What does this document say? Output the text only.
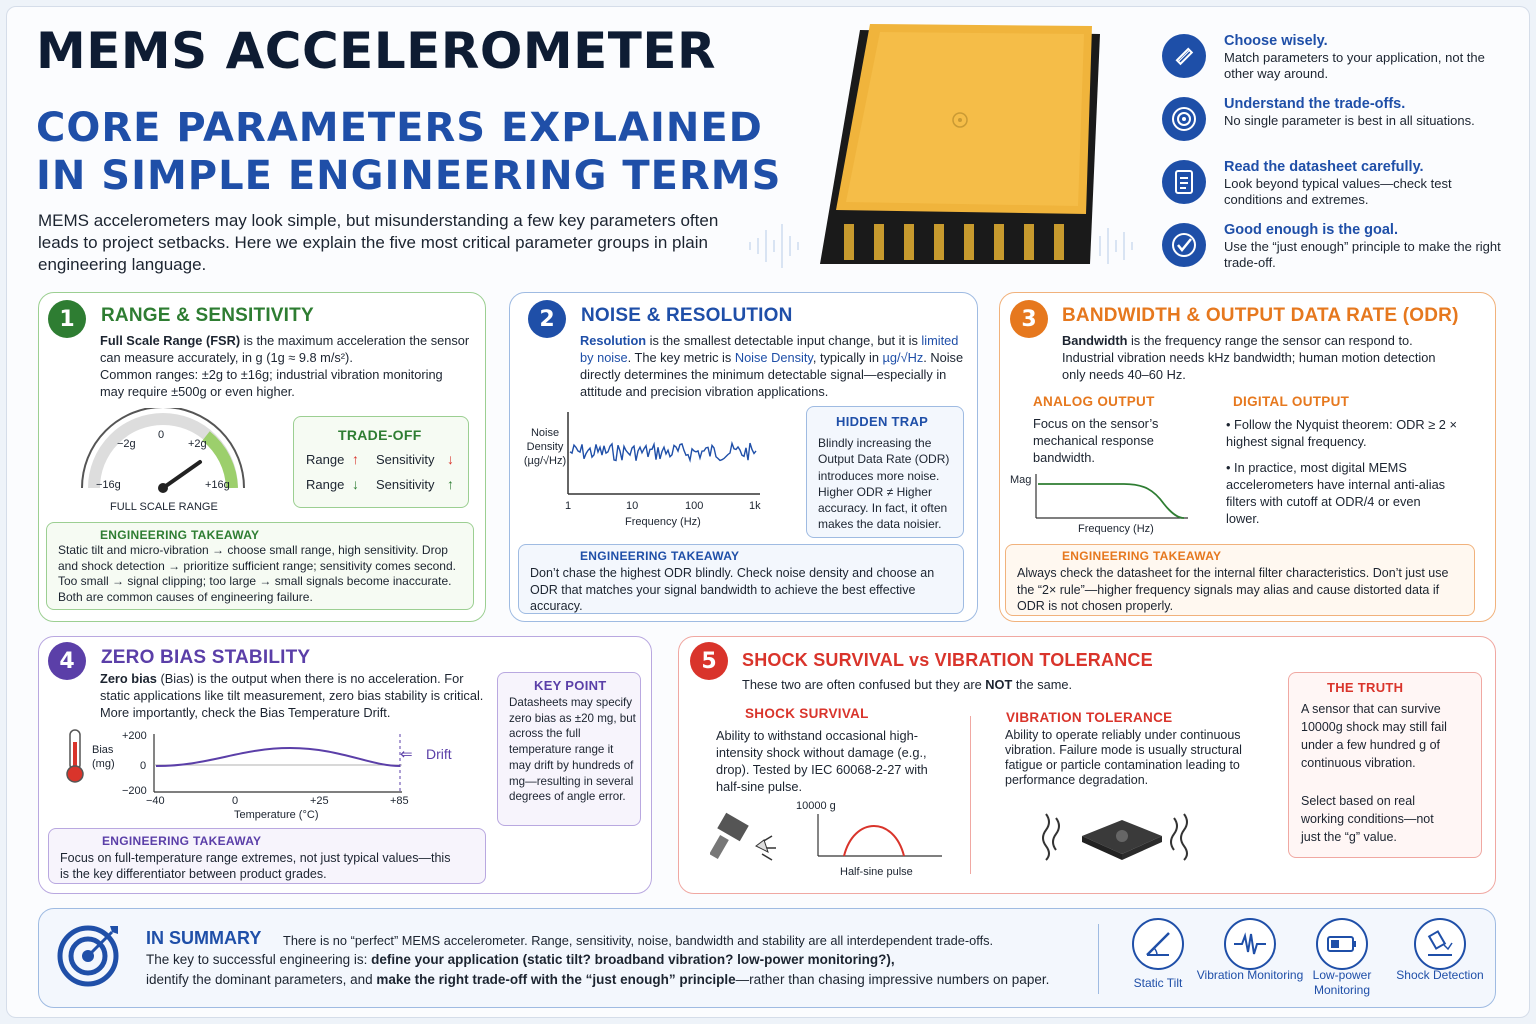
MEMS ACCELEROMETER
CORE PARAMETERS EXPLAINED
IN SIMPLE ENGINEERING TERMS
MEMS accelerometers may look simple, but misunderstanding a few key parameters often leads to project setbacks. Here we explain the five most critical parameter groups in plain engineering language.
Choose wisely.
Match parameters to your application, not the other way around.
Understand the trade-offs.
No single parameter is best in all situations.
Read the datasheet carefully.
Look beyond typical values—check test conditions and extremes.
Good enough is the goal.
Use the “just enough” principle to make the right trade-off.
1	RANGE & SENSITIVITY
Full Scale Range (FSR) is the maximum acceleration the sensor can measure accurately, in g (1g ≈ 9.8 m/s²).
Common ranges: ±2g to ±16g; industrial vibration monitoring may require ±500g or even higher.
−2g
0
+2g
−16g	+16g
FULL SCALE RANGE
TRADE-OFF
Range ↑ Sensitivity ↓
Range ↓ Sensitivity ↑
ENGINEERING TAKEAWAY
Static tilt and micro-vibration → choose small range, high sensitivity. Drop and shock detection → prioritize sufficient range; sensitivity comes second. Too small → signal clipping; too large → small signals become inaccurate. Both are common causes of engineering failure.
2	NOISE & RESOLUTION
Resolution is the smallest detectable input change, but it is limited by noise. The key metric is Noise Density, typically in µg/√Hz. Noise directly determines the minimum detectable signal—especially in attitude and precision vibration applications.
Noise
Density
(µg/√Hz)
1	10	100	1k
Frequency (Hz)
HIDDEN TRAP
Blindly increasing the Output Data Rate (ODR) introduces more noise. Higher ODR ≠ Higher accuracy. In fact, it often makes the data noisier.
ENGINEERING TAKEAWAY
Don’t chase the highest ODR blindly. Check noise density and choose an ODR that matches your signal bandwidth to achieve the best effective accuracy.
3	BANDWIDTH & OUTPUT DATA RATE (ODR)
Bandwidth is the frequency range the sensor can respond to. Industrial vibration needs kHz bandwidth; human motion detection only needs 40–60 Hz.
ANALOG OUTPUT
Focus on the sensor’s mechanical response bandwidth.
Mag
Frequency (Hz)
DIGITAL OUTPUT
• Follow the Nyquist theorem: ODR ≥ 2 × highest signal frequency.
• In practice, most digital MEMS accelerometers have internal anti-alias filters with cutoff at ODR/4 or even lower.
ENGINEERING TAKEAWAY
Always check the datasheet for the internal filter characteristics. Don’t just use the “2× rule”—higher frequency signals may alias and cause distorted data if ODR is not chosen properly.
4	ZERO BIAS STABILITY
Zero bias (Bias) is the output when there is no acceleration. For static applications like tilt measurement, zero bias stability is critical. More importantly, check the Bias Temperature Drift.
Bias
(mg)
+200
0
−200
−40	0	+25	+85
Temperature (°C)
⇐ Drift
KEY POINT
Datasheets may specify zero bias as ±20 mg, but across the full temperature range it may drift by hundreds of mg—resulting in several degrees of angle error.
ENGINEERING TAKEAWAY
Focus on full-temperature range extremes, not just typical values—this is the key differentiator between product grades.
5	SHOCK SURVIVAL vs VIBRATION TOLERANCE
These two are often confused but they are NOT the same.
SHOCK SURVIVAL
Ability to withstand occasional high-intensity shock without damage (e.g., drop). Tested by IEC 60068-2-27 with half-sine pulse.
10000 g
Half-sine pulse
VIBRATION TOLERANCE
Ability to operate reliably under continuous vibration. Failure mode is usually structural fatigue or particle contamination leading to performance degradation.
THE TRUTH
A sensor that can survive 10000g shock may still fail under a few hundred g of continuous vibration.
Select based on real working conditions—not just the “g” value.
IN SUMMARY There is no “perfect” MEMS accelerometer. Range, sensitivity, noise, bandwidth and stability are all interdependent trade-offs.
The key to successful engineering is: define your application (static tilt? broadband vibration? low-power monitoring?),
identify the dominant parameters, and make the right trade-off with the “just enough” principle—rather than chasing impressive numbers on paper.	Static Tilt
Vibration Monitoring Low-power Monitoring
Shock Detection
